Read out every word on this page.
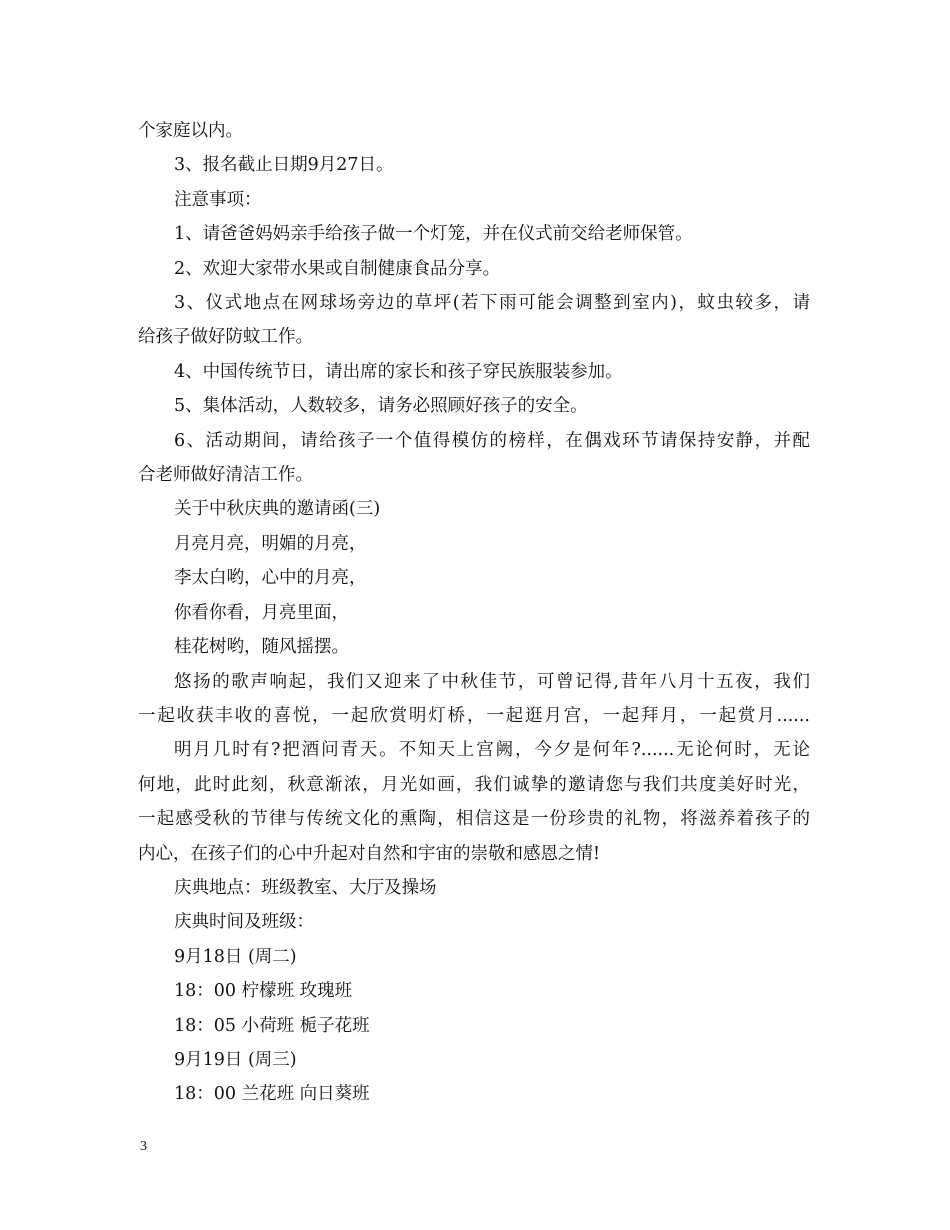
个家庭以内。

3、报名截止日期9月27日。

注意事项：

1、请爸爸妈妈亲手给孩子做一个灯笼，并在仪式前交给老师保管。

2、欢迎大家带水果或自制健康食品分享。

3、仪式地点在网球场旁边的草坪(若下雨可能会调整到室内)，蚊虫较多，请

给孩子做好防蚊工作。

4、中国传统节日，请出席的家长和孩子穿民族服装参加。

5、集体活动，人数较多，请务必照顾好孩子的安全。

6、活动期间，请给孩子一个值得模仿的榜样，在偶戏环节请保持安静，并配

合老师做好清洁工作。

关于中秋庆典的邀请函(三)

月亮月亮，明媚的月亮，

李太白哟，心中的月亮，

你看你看，月亮里面，

桂花树哟，随风摇摆。

悠扬的歌声响起，我们又迎来了中秋佳节，可曾记得,昔年八月十五夜，我们

一起收获丰收的喜悦，一起欣赏明灯桥，一起逛月宫，一起拜月，一起赏月......

明月几时有?把酒问青天。不知天上宫阙，今夕是何年?......无论何时，无论

何地，此时此刻，秋意渐浓，月光如画，我们诚挚的邀请您与我们共度美好时光，

一起感受秋的节律与传统文化的熏陶，相信这是一份珍贵的礼物，将滋养着孩子的

内心，在孩子们的心中升起对自然和宇宙的崇敬和感恩之情!

庆典地点：班级教室、大厅及操场

庆典时间及班级：

9月18日 (周二)

18：00 柠檬班 玫瑰班

18：05 小荷班 栀子花班

9月19日 (周三)

18：00 兰花班 向日葵班

3
